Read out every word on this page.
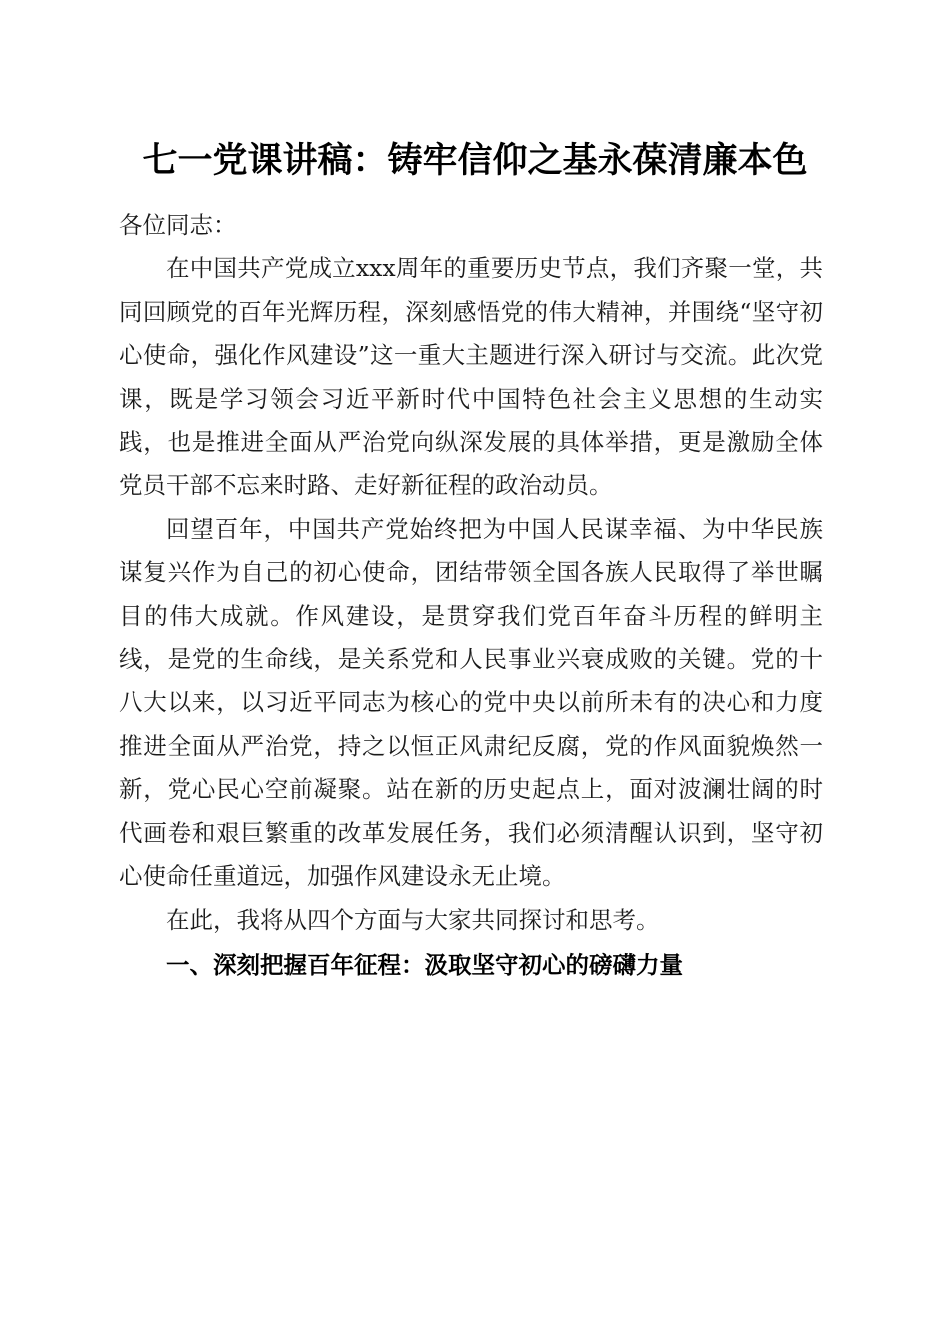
七一党课讲稿：铸牢信仰之基永葆清廉本色

各位同志：

在中国共产党成立xxx周年的重要历史节点，我们齐聚一堂，共同回顾党的百年光辉历程，深刻感悟党的伟大精神，并围绕“坚守初心使命，强化作风建设”这一重大主题进行深入研讨与交流。此次党课，既是学习领会习近平新时代中国特色社会主义思想的生动实践，也是推进全面从严治党向纵深发展的具体举措，更是激励全体党员干部不忘来时路、走好新征程的政治动员。

回望百年，中国共产党始终把为中国人民谋幸福、为中华民族谋复兴作为自己的初心使命，团结带领全国各族人民取得了举世瞩目的伟大成就。作风建设，是贯穿我们党百年奋斗历程的鲜明主线，是党的生命线，是关系党和人民事业兴衰成败的关键。党的十八大以来，以习近平同志为核心的党中央以前所未有的决心和力度推进全面从严治党，持之以恒正风肃纪反腐，党的作风面貌焕然一新，党心民心空前凝聚。站在新的历史起点上，面对波澜壮阔的时代画卷和艰巨繁重的改革发展任务，我们必须清醒认识到，坚守初心使命任重道远，加强作风建设永无止境。

在此，我将从四个方面与大家共同探讨和思考。

一、深刻把握百年征程：汲取坚守初心的磅礴力量
